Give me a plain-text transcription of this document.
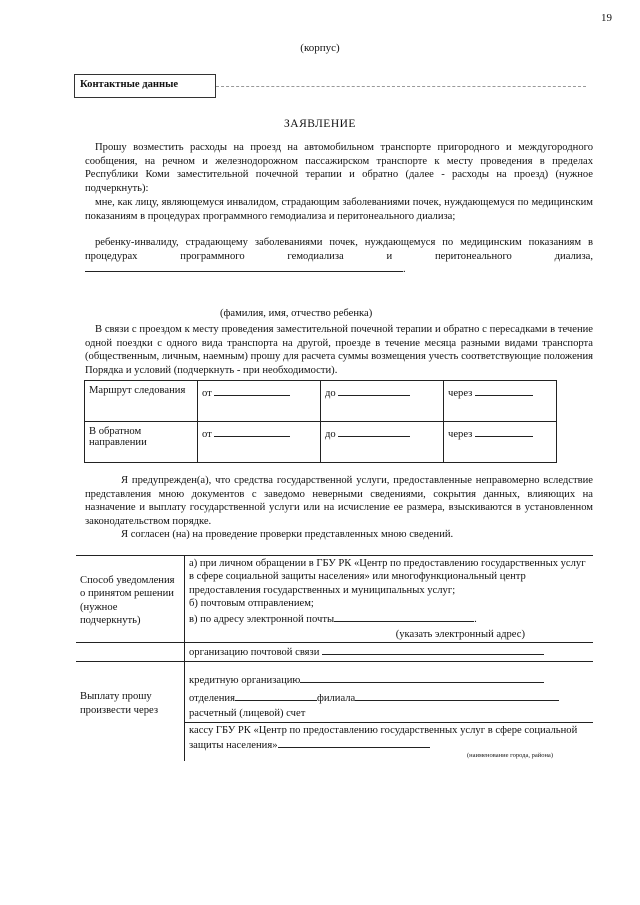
19
(корпус)
Контактные данные
ЗАЯВЛЕНИЕ
Прошу возместить расходы на проезд на автомобильном транспорте пригородного и междугородного сообщения, на речном и железнодорожном пассажирском транспорте к месту проведения в пределах Республики Коми заместительной почечной терапии и обратно (далее - расходы на проезд) (нужное подчеркнуть):
мне, как лицу, являющемуся инвалидом, страдающим заболеваниями почек, нуждающемуся по медицинским показаниям в процедурах программного гемодиализа и перитонеального диализа;
ребенку-инвалиду, страдающему заболеваниями почек, нуждающемуся по медицинским показаниям в процедурах программного гемодиализа и перитонеального диализа, .
(фамилия, имя, отчество ребенка)
В связи с проездом к месту проведения заместительной почечной терапии и обратно с пересадками в течение одной поездки с одного вида транспорта на другой, проезде в течение месяца разными видами транспорта (общественным, личным, наемным) прошу для расчета суммы возмещения учесть соответствующие положения Порядка и условий (подчеркнуть - при необходимости).
Маршрут следования	от	до	через
В обратном направлении	от	до	через
Я предупрежден(а), что средства государственной услуги, предоставленные неправомерно вследствие представления мною документов с заведомо неверными сведениями, сокрытия данных, влияющих на назначение и выплату государственной услуги или на исчисление ее размера, взыскиваются в установленном законодательством порядке.
Я согласен (на) на проведение проверки представленных мною сведений.
Способ уведомления о принятом решении (нужное подчеркнуть)	а) при личном обращении в ГБУ РК «Центр по предоставлению государственных услуг в сфере социальной защиты населения» или многофункциональный центр предоставления государственных и муниципальных услуг;
б) почтовым отправлением;
в) по адресу электронной почты .

	(указать электронный адрес)
	организацию почтовой связи
Выплату прошу произвести через	кредитную организацию
	отделения филиала
	расчетный (лицевой) счет
	кассу ГБУ РК «Центр по предоставлению государственных услуг в сфере социальной защиты населения»
(наименование города, района)
